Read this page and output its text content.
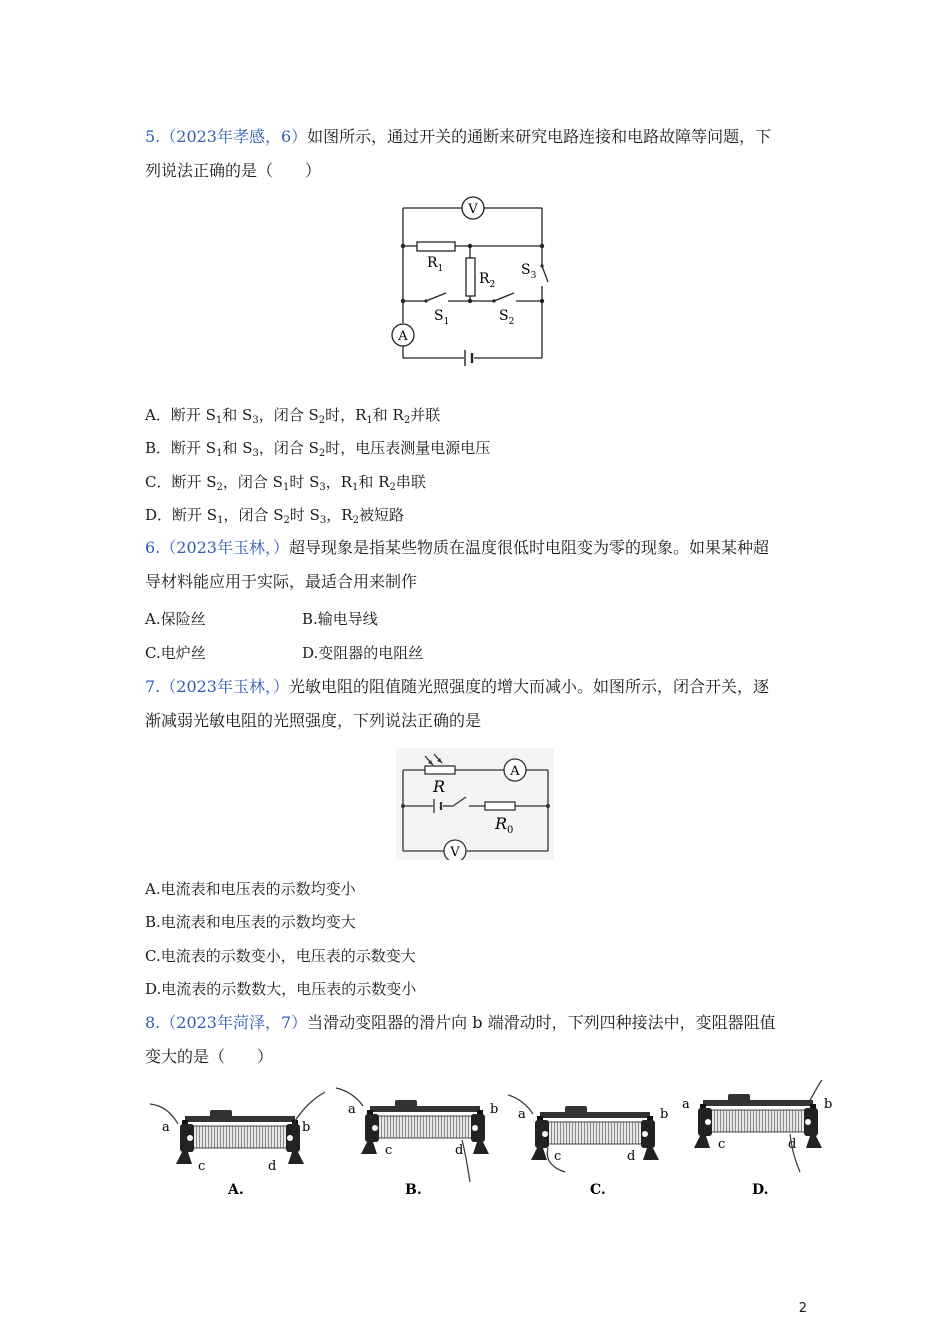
5.（2023年孝感，6）如图所示，通过开关的通断来研究电路连接和电路故障等问题，下
列说法正确的是（　　）
V
A
$R_1$
$R_2$
$S_3$
$S_1$	$S_2$
A．断开 $S_1$和 $S_3$，闭合 $S_2$时，$R_1$和 $R_2$并联
B．断开 $S_1$和 $S_3$，闭合 $S_2$时，电压表测量电源电压
C．断开 $S_2$，闭合 $S_1$时 $S_3$，$R_1$和 $R_2$串联
D．断开 $S_1$，闭合 $S_2$时 $S_3$，$R_2$被短路
6.（2023年玉林，）超导现象是指某些物质在温度很低时电阻变为零的现象。如果某种超
导材料能应用于实际，最适合用来制作
A.保险丝	B.输电导线
C.电炉丝	D.变阻器的电阻丝
7.（2023年玉林，）光敏电阻的阻值随光照强度的增大而减小。如图所示，闭合开关，逐
渐减弱光敏电阻的光照强度，下列说法正确的是
A
V
R
$R_0$
A.电流表和电压表的示数均变小
B.电流表和电压表的示数均变大
C.电流表的示数变小，电压表的示数变大
D.电流表的示数数大，电压表的示数变小
8.（2023年菏泽，7）当滑动变阻器的滑片向 b 端滑动时，下列四种接法中，变阻器阻值
变大的是（　　）
a	b
c	d
A.
a	b
c	d
B.
a	b
c	d
C.
a	b
c	d
D.
2
